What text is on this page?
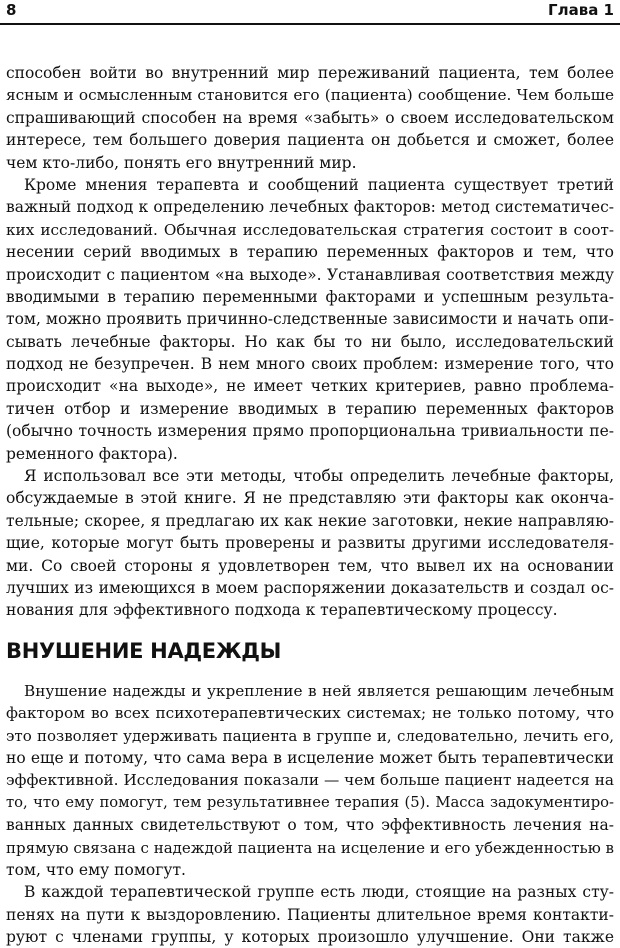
8	Глава 1
способен войти во внутренний мир переживаний пациента, тем более
ясным и осмысленным становится его (пациента) сообщение. Чем больше
спрашивающий способен на время «забыть» о своем исследовательском
интересе, тем большего доверия пациента он добьется и сможет, более
чем кто-либо, понять его внутренний мир.
Кроме мнения терапевта и сообщений пациента существует третий
важный подход к определению лечебных факторов: метод систематичес-
ких исследований. Обычная исследовательская стратегия состоит в соот-
несении серий вводимых в терапию переменных факторов и тем, что
происходит с пациентом «на выходе». Устанавливая соответствия между
вводимыми в терапию переменными факторами и успешным результа-
том, можно проявить причинно-следственные зависимости и начать опи-
сывать лечебные факторы. Но как бы то ни было, исследовательский
подход не безупречен. В нем много своих проблем: измерение того, что
происходит «на выходе», не имеет четких критериев, равно проблема-
тичен отбор и измерение вводимых в терапию переменных факторов
(обычно точность измерения прямо пропорциональна тривиальности пе-
ременного фактора).
Я использовал все эти методы, чтобы определить лечебные факторы,
обсуждаемые в этой книге. Я не представляю эти факторы как оконча-
тельные; скорее, я предлагаю их как некие заготовки, некие направляю-
щие, которые могут быть проверены и развиты другими исследователя-
ми. Со своей стороны я удовлетворен тем, что вывел их на основании
лучших из имеющихся в моем распоряжении доказательств и создал ос-
нования для эффективного подхода к терапевтическому процессу.
ВНУШЕНИЕ НАДЕЖДЫ
Внушение надежды и укрепление в ней является решающим лечебным
фактором во всех психотерапевтических системах; не только потому, что
это позволяет удерживать пациента в группе и, следовательно, лечить его,
но еще и потому, что сама вера в исцеление может быть терапевтически
эффективной. Исследования показали — чем больше пациент надеется на
то, что ему помогут, тем результативнее терапия (5). Масса задокументиро-
ванных данных свидетельствуют о том, что эффективность лечения на-
прямую связана с надеждой пациента на исцеление и его убежденностью в
том, что ему помогут.
В каждой терапевтической группе есть люди, стоящие на разных сту-
пенях на пути к выздоровлению. Пациенты длительное время контакти-
руют с членами группы, у которых произошло улучшение. Они также
